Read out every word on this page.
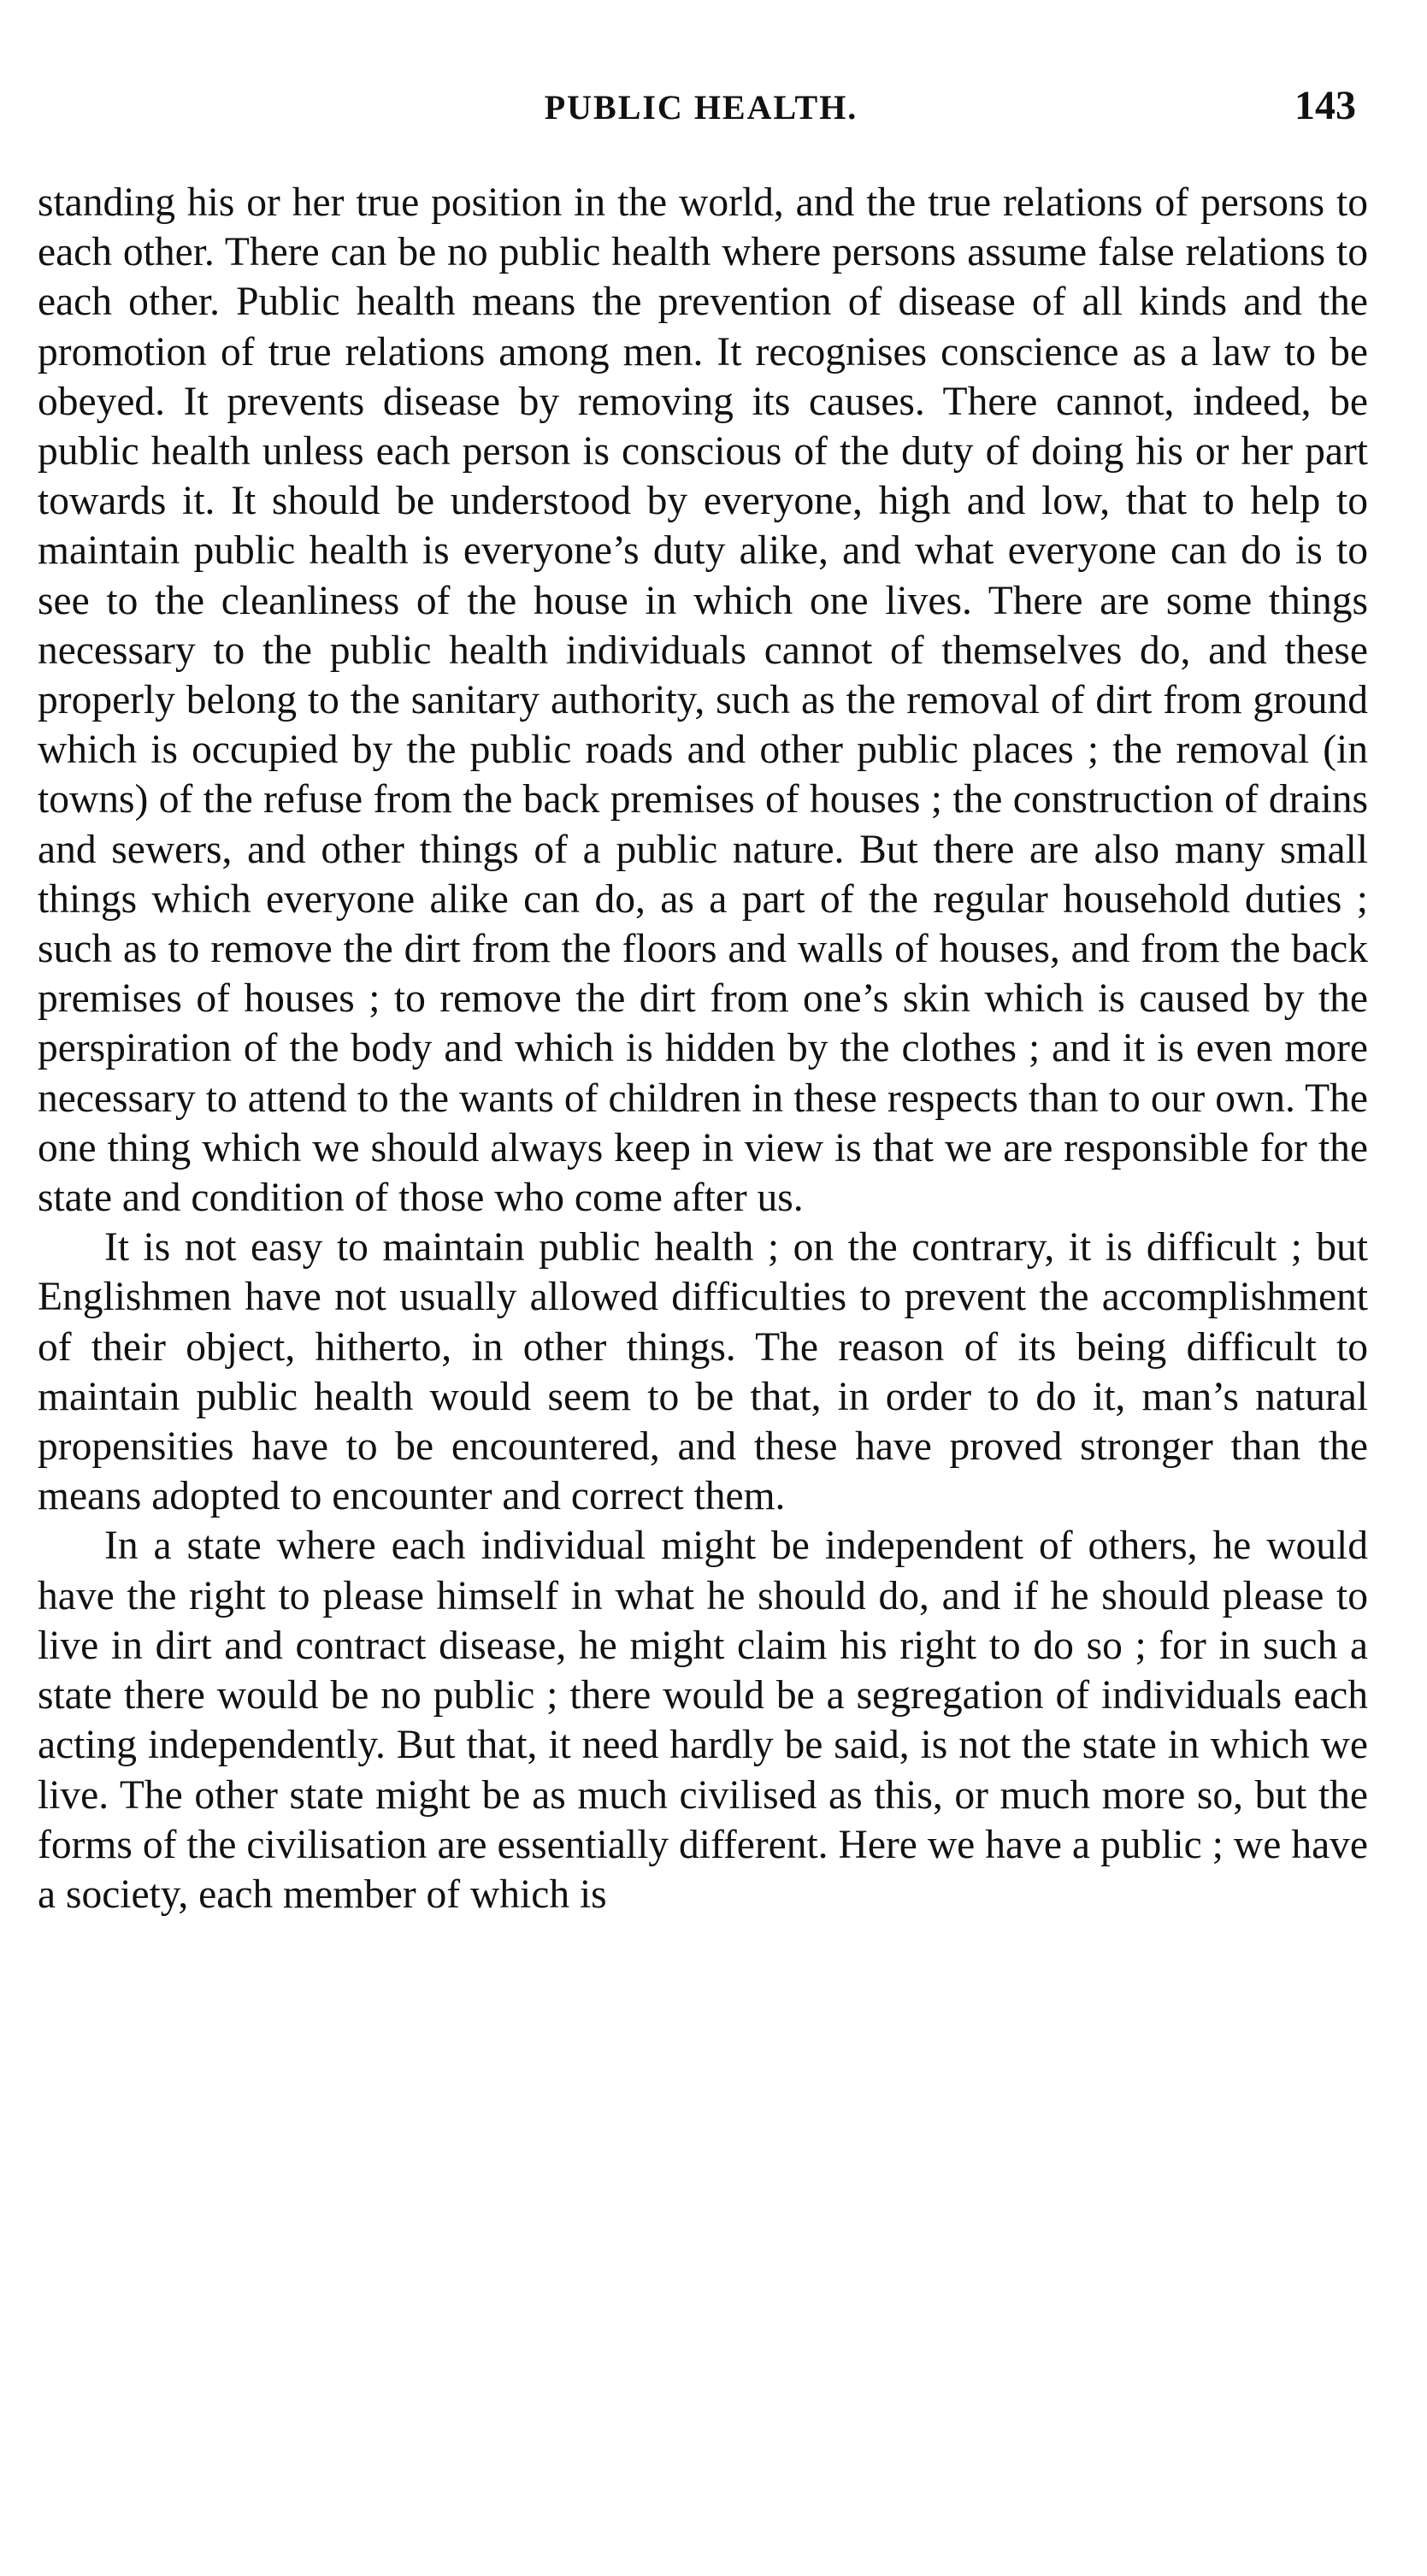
PUBLIC HEALTH.	143

standing his or her true position in the world, and the true relations of persons to each other. There can be no public health where persons assume false relations to each other. Public health means the prevention of disease of all kinds and the promotion of true relations among men. It recognises conscience as a law to be obeyed. It prevents disease by removing its causes. There cannot, indeed, be public health unless each person is conscious of the duty of doing his or her part towards it. It should be understood by everyone, high and low, that to help to maintain public health is everyone’s duty alike, and what everyone can do is to see to the cleanliness of the house in which one lives. There are some things necessary to the public health individuals cannot of themselves do, and these properly belong to the sanitary authority, such as the removal of dirt from ground which is occupied by the public roads and other public places ; the removal (in towns) of the refuse from the back premises of houses ; the construction of drains and sewers, and other things of a public nature. But there are also many small things which everyone alike can do, as a part of the regular household duties ; such as to remove the dirt from the floors and walls of houses, and from the back premises of houses ; to remove the dirt from one’s skin which is caused by the perspiration of the body and which is hidden by the clothes ; and it is even more necessary to attend to the wants of children in these respects than to our own. The one thing which we should always keep in view is that we are responsible for the state and condition of those who come after us.

It is not easy to maintain public health ; on the contrary, it is difficult ; but Englishmen have not usually allowed difficulties to prevent the accomplishment of their object, hitherto, in other things. The reason of its being difficult to maintain public health would seem to be that, in order to do it, man’s natural propensities have to be encountered, and these have proved stronger than the means adopted to encounter and correct them.

In a state where each individual might be independent of others, he would have the right to please himself in what he should do, and if he should please to live in dirt and contract disease, he might claim his right to do so ; for in such a state there would be no public ; there would be a segregation of individuals each acting independently. But that, it need hardly be said, is not the state in which we live. The other state might be as much civilised as this, or much more so, but the forms of the civilisation are essentially different. Here we have a public ; we have a society, each member of which is
